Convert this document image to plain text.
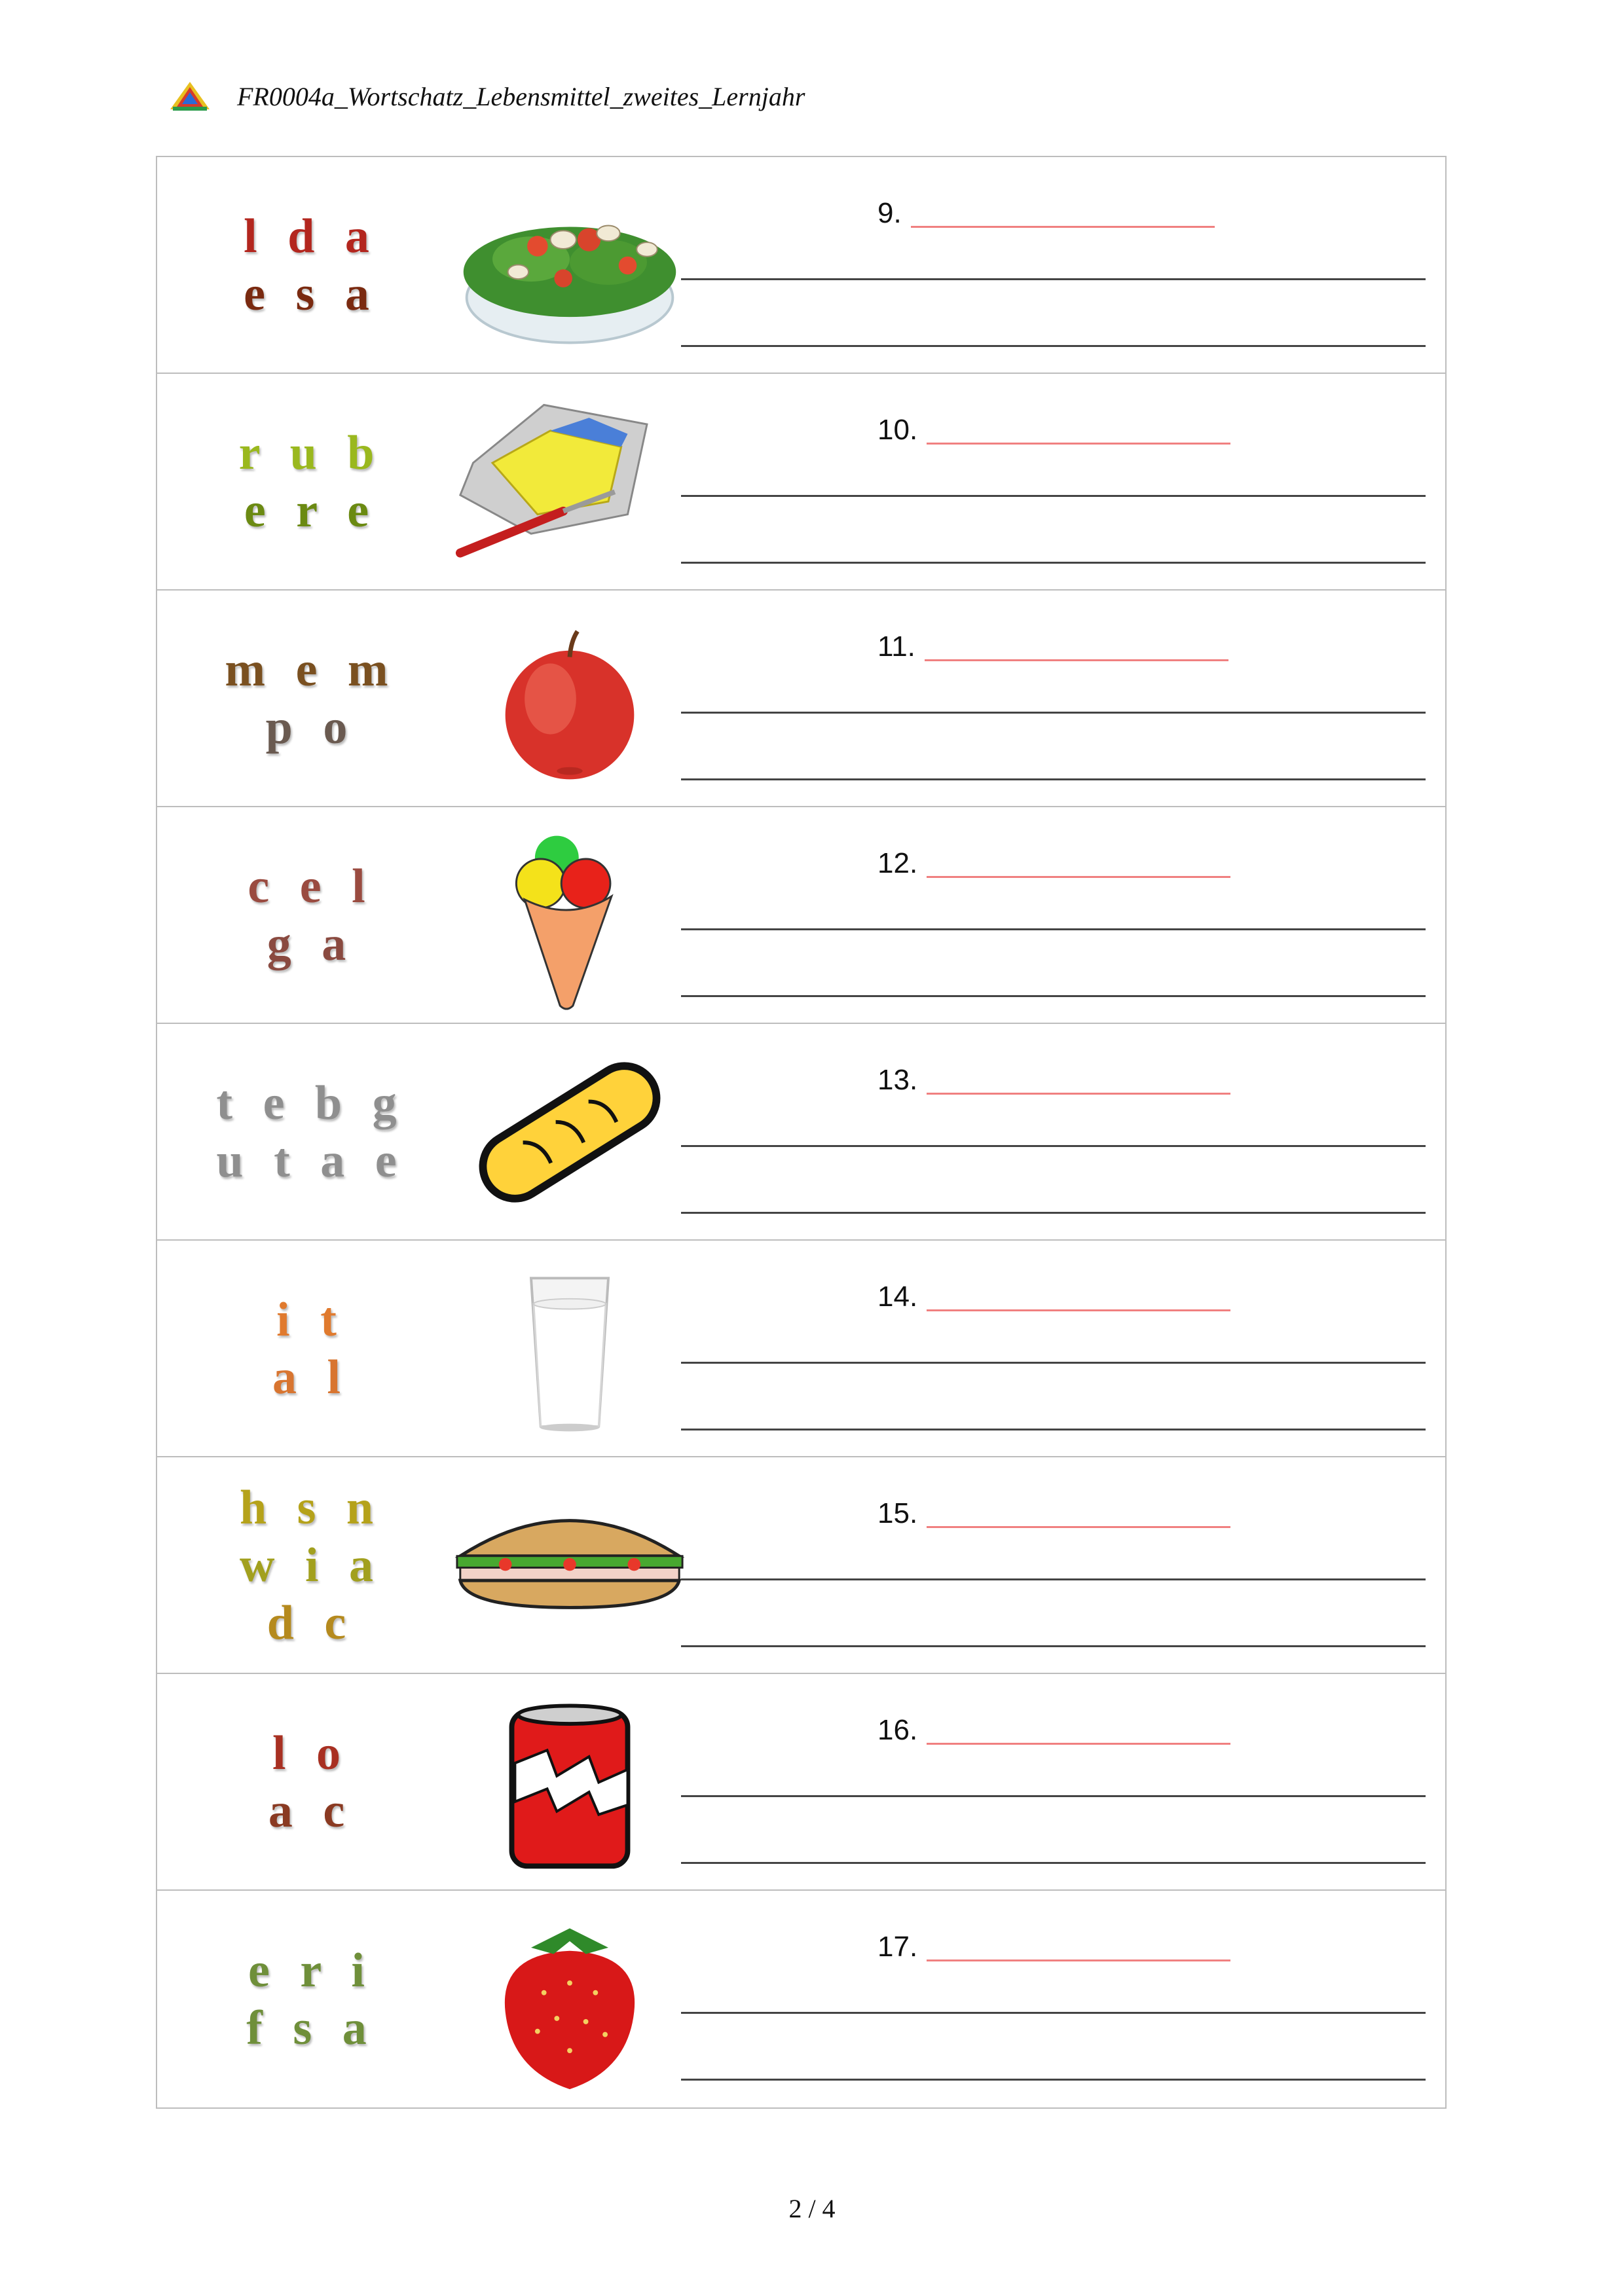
FR0004a_Wortschatz_Lebensmittel_zweites_Lernjahr
l d a
e s a
9.
r u b
e r e
10.
m e m
p o
11.
c e l
g a
12.
t e b g
u t a e
13.
i t
a l
14.
h s n
w i a
d c
15.
l o
a c
16.
e r i
f s a
17.
2 / 4
